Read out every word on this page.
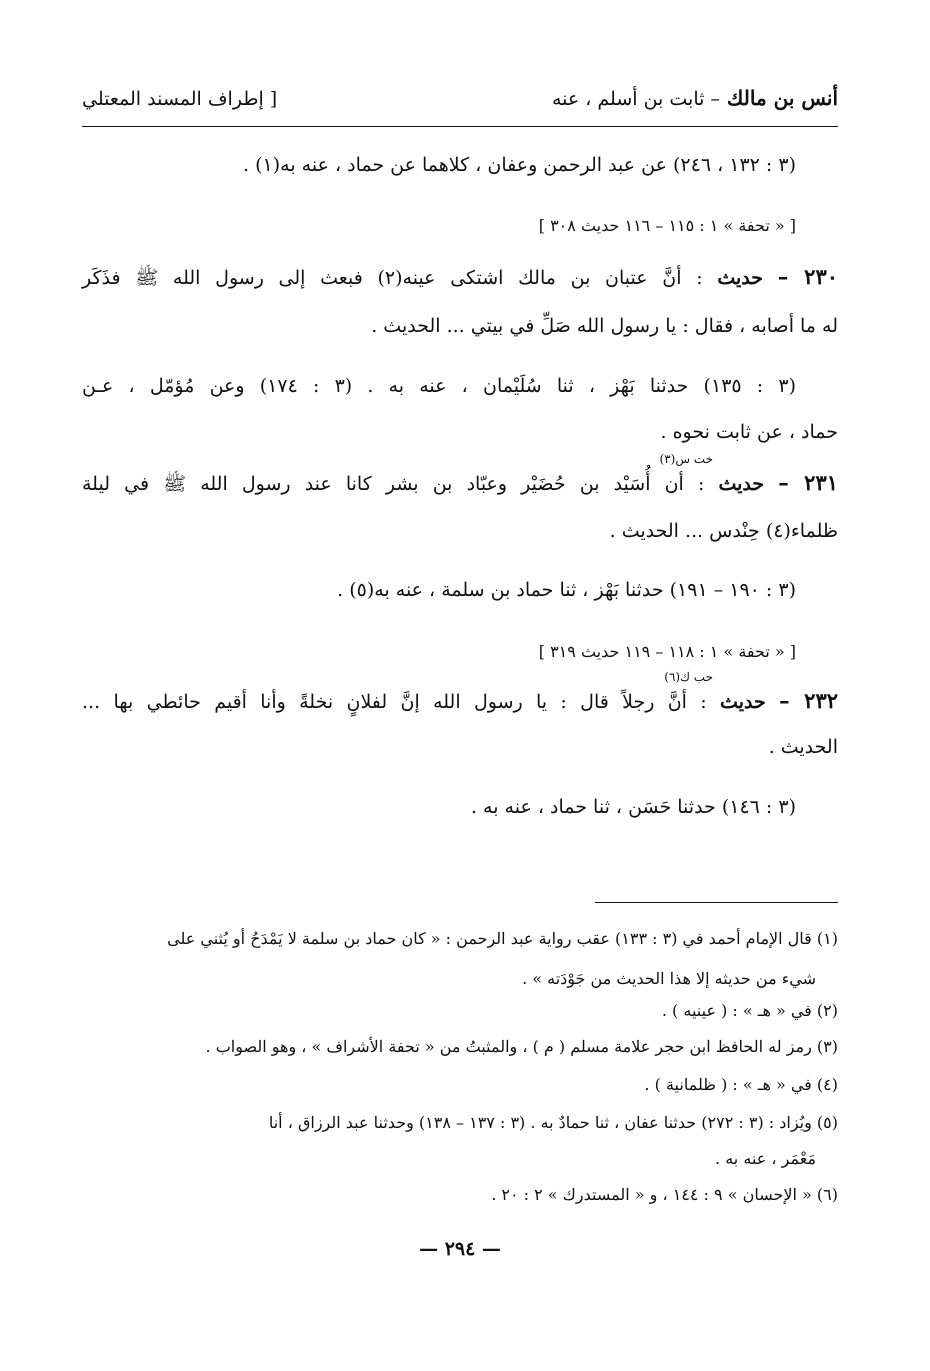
أنس بن مالك – ثابت بن أسلم ، عنه
[ إطراف المسند المعتلي
(٣ : ١٣٢ ، ٢٤٦) عن عبد الرحمن وعفان ، كلاهما عن حماد ، عنه به(١) .
[ « تحفة » ١ : ١١٥ – ١١٦ حديث ٣٠٨ ]
٢٣٠ – حديث : أنَّ عتبان بن مالك اشتكى عينه(٢) فبعث إلى رسول الله ﷺ فذَكَر
له ما أصابه ، فقال : يا رسول الله صَلِّ في بيتي ... الحديث .
(٣ : ١٣٥) حدثنا بَهْز ، ثنا سُلَيْمان ، عنه به . (٣ : ١٧٤) وعن مُؤمّل ، عـن
حماد ، عن ثابت نحوه .
خت س(٣)
٢٣١ – حديث : أن أُسَيْد بن حُضَيْر وعبّاد بن بشر كانا عند رسول الله ﷺ في ليلة
ظلماء(٤) حِنْدس ... الحديث .
(٣ : ١٩٠ – ١٩١) حدثنا بَهْز ، ثنا حماد بن سلمة ، عنه به(٥) .
[ « تحفة » ١ : ١١٨ – ١١٩ حديث ٣١٩ ]
حب ك(٦)
٢٣٢ – حديث : أنَّ رجلاً قال : يا رسول الله إنَّ لفلانٍ نخلةً وأنا أقيم حائطي بها ...
الحديث .
(٣ : ١٤٦) حدثنا حَسَن ، ثنا حماد ، عنه به .
(١) قال الإمام أحمد في (٣ : ١٣٣) عقب رواية عبد الرحمن : « كان حماد بن سلمة لا يَمْدَحُ أو يُثني على
شيء من حديثه إلا هذا الحديث من جَوْدَته » .
(٢) في « هـ » : ( عينيه ) .
(٣) رمز له الحافظ ابن حجر علامة مسلم ( م ) ، والمثبتُ من « تحفة الأشراف » ، وهو الصواب .
(٤) في « هـ » : ( ظلمانية ) .
(٥) ويُزاد : (٣ : ٢٧٢) حدثنا عفان ، ثنا حمادٌ به . (٣ : ١٣٧ – ١٣٨) وحدثنا عبد الرزاق ، أنا
مَعْمَر ، عنه به .
(٦) « الإحسان » ٩ : ١٤٤ ، و « المستدرك » ٢ : ٢٠ .
— ٢٩٤ —
